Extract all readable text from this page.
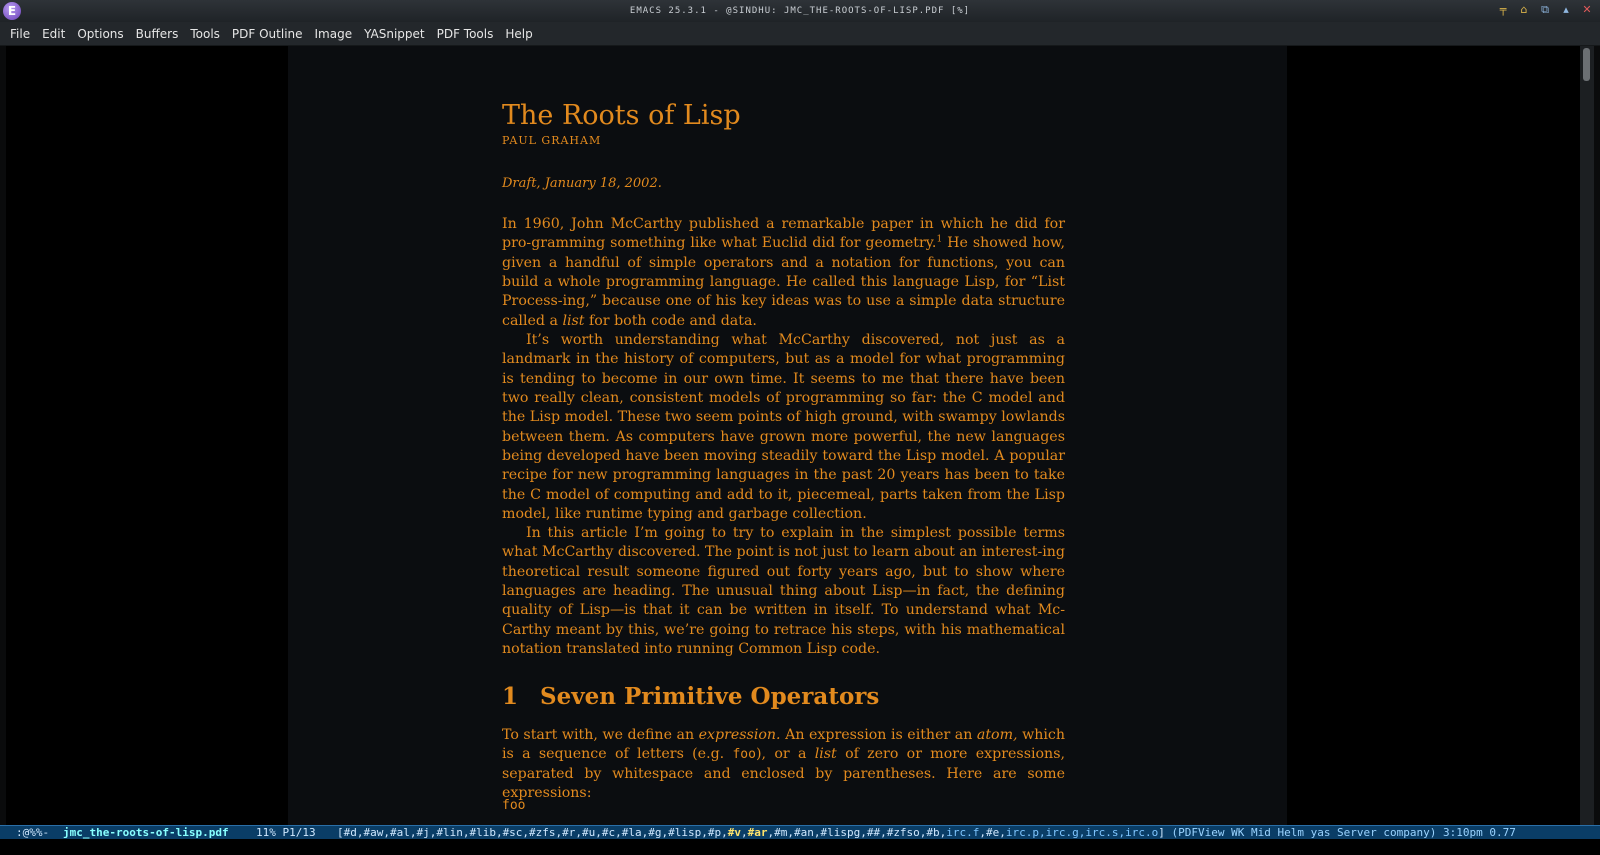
E	EMACS 25.3.1 - @SINDHU: JMC_THE-ROOTS-OF-LISP.PDF [%]	╤	⌂	⧉	▴	✕
File	Edit	Options	Buffers	Tools	PDF Outline	Image	YASnippet	PDF Tools	Help
The Roots of Lisp
PAUL GRAHAM
Draft, January 18, 2002.
In 1960, John McCarthy published a remarkable paper in which he did for pro-gramming something like what Euclid did for geometry.$^1$ He showed how, given a handful of simple operators and a notation for functions, you can build a whole programming language. He called this language Lisp, for “List Process-ing,” because one of his key ideas was to use a simple data structure called a list for both code and data.
It’s worth understanding what McCarthy discovered, not just as a landmark in the history of computers, but as a model for what programming is tending to become in our own time. It seems to me that there have been two really clean, consistent models of programming so far: the C model and the Lisp model. These two seem points of high ground, with swampy lowlands between them. As computers have grown more powerful, the new languages being developed have been moving steadily toward the Lisp model. A popular recipe for new programming languages in the past 20 years has been to take the C model of computing and add to it, piecemeal, parts taken from the Lisp model, like runtime typing and garbage collection.
In this article I’m going to try to explain in the simplest possible terms what McCarthy discovered. The point is not just to learn about an interest-ing theoretical result someone figured out forty years ago, but to show where languages are heading. The unusual thing about Lisp—in fact, the defining quality of Lisp—is that it can be written in itself. To understand what Mc-Carthy meant by this, we’re going to retrace his steps, with his mathematical notation translated into running Common Lisp code.
1 Seven Primitive Operators
To start with, we define an expression. An expression is either an atom, which is a sequence of letters (e.g. foo), or a list of zero or more expressions, separated by whitespace and enclosed by parentheses. Here are some expressions:
foo
:@%%- jmc_the-roots-of-lisp.pdf 11% P1/13 [#d,#aw,#al,#j,#lin,#lib,#sc,#zfs,#r,#u,#c,#la,#g,#lisp,#p,#v,#ar,#m,#an,#lispg,##,#zfso,#b,irc.f,#e,irc.p,irc.g,irc.s,irc.o] (PDFView WK Mid Helm yas Server company) 3:10pm 0.77
